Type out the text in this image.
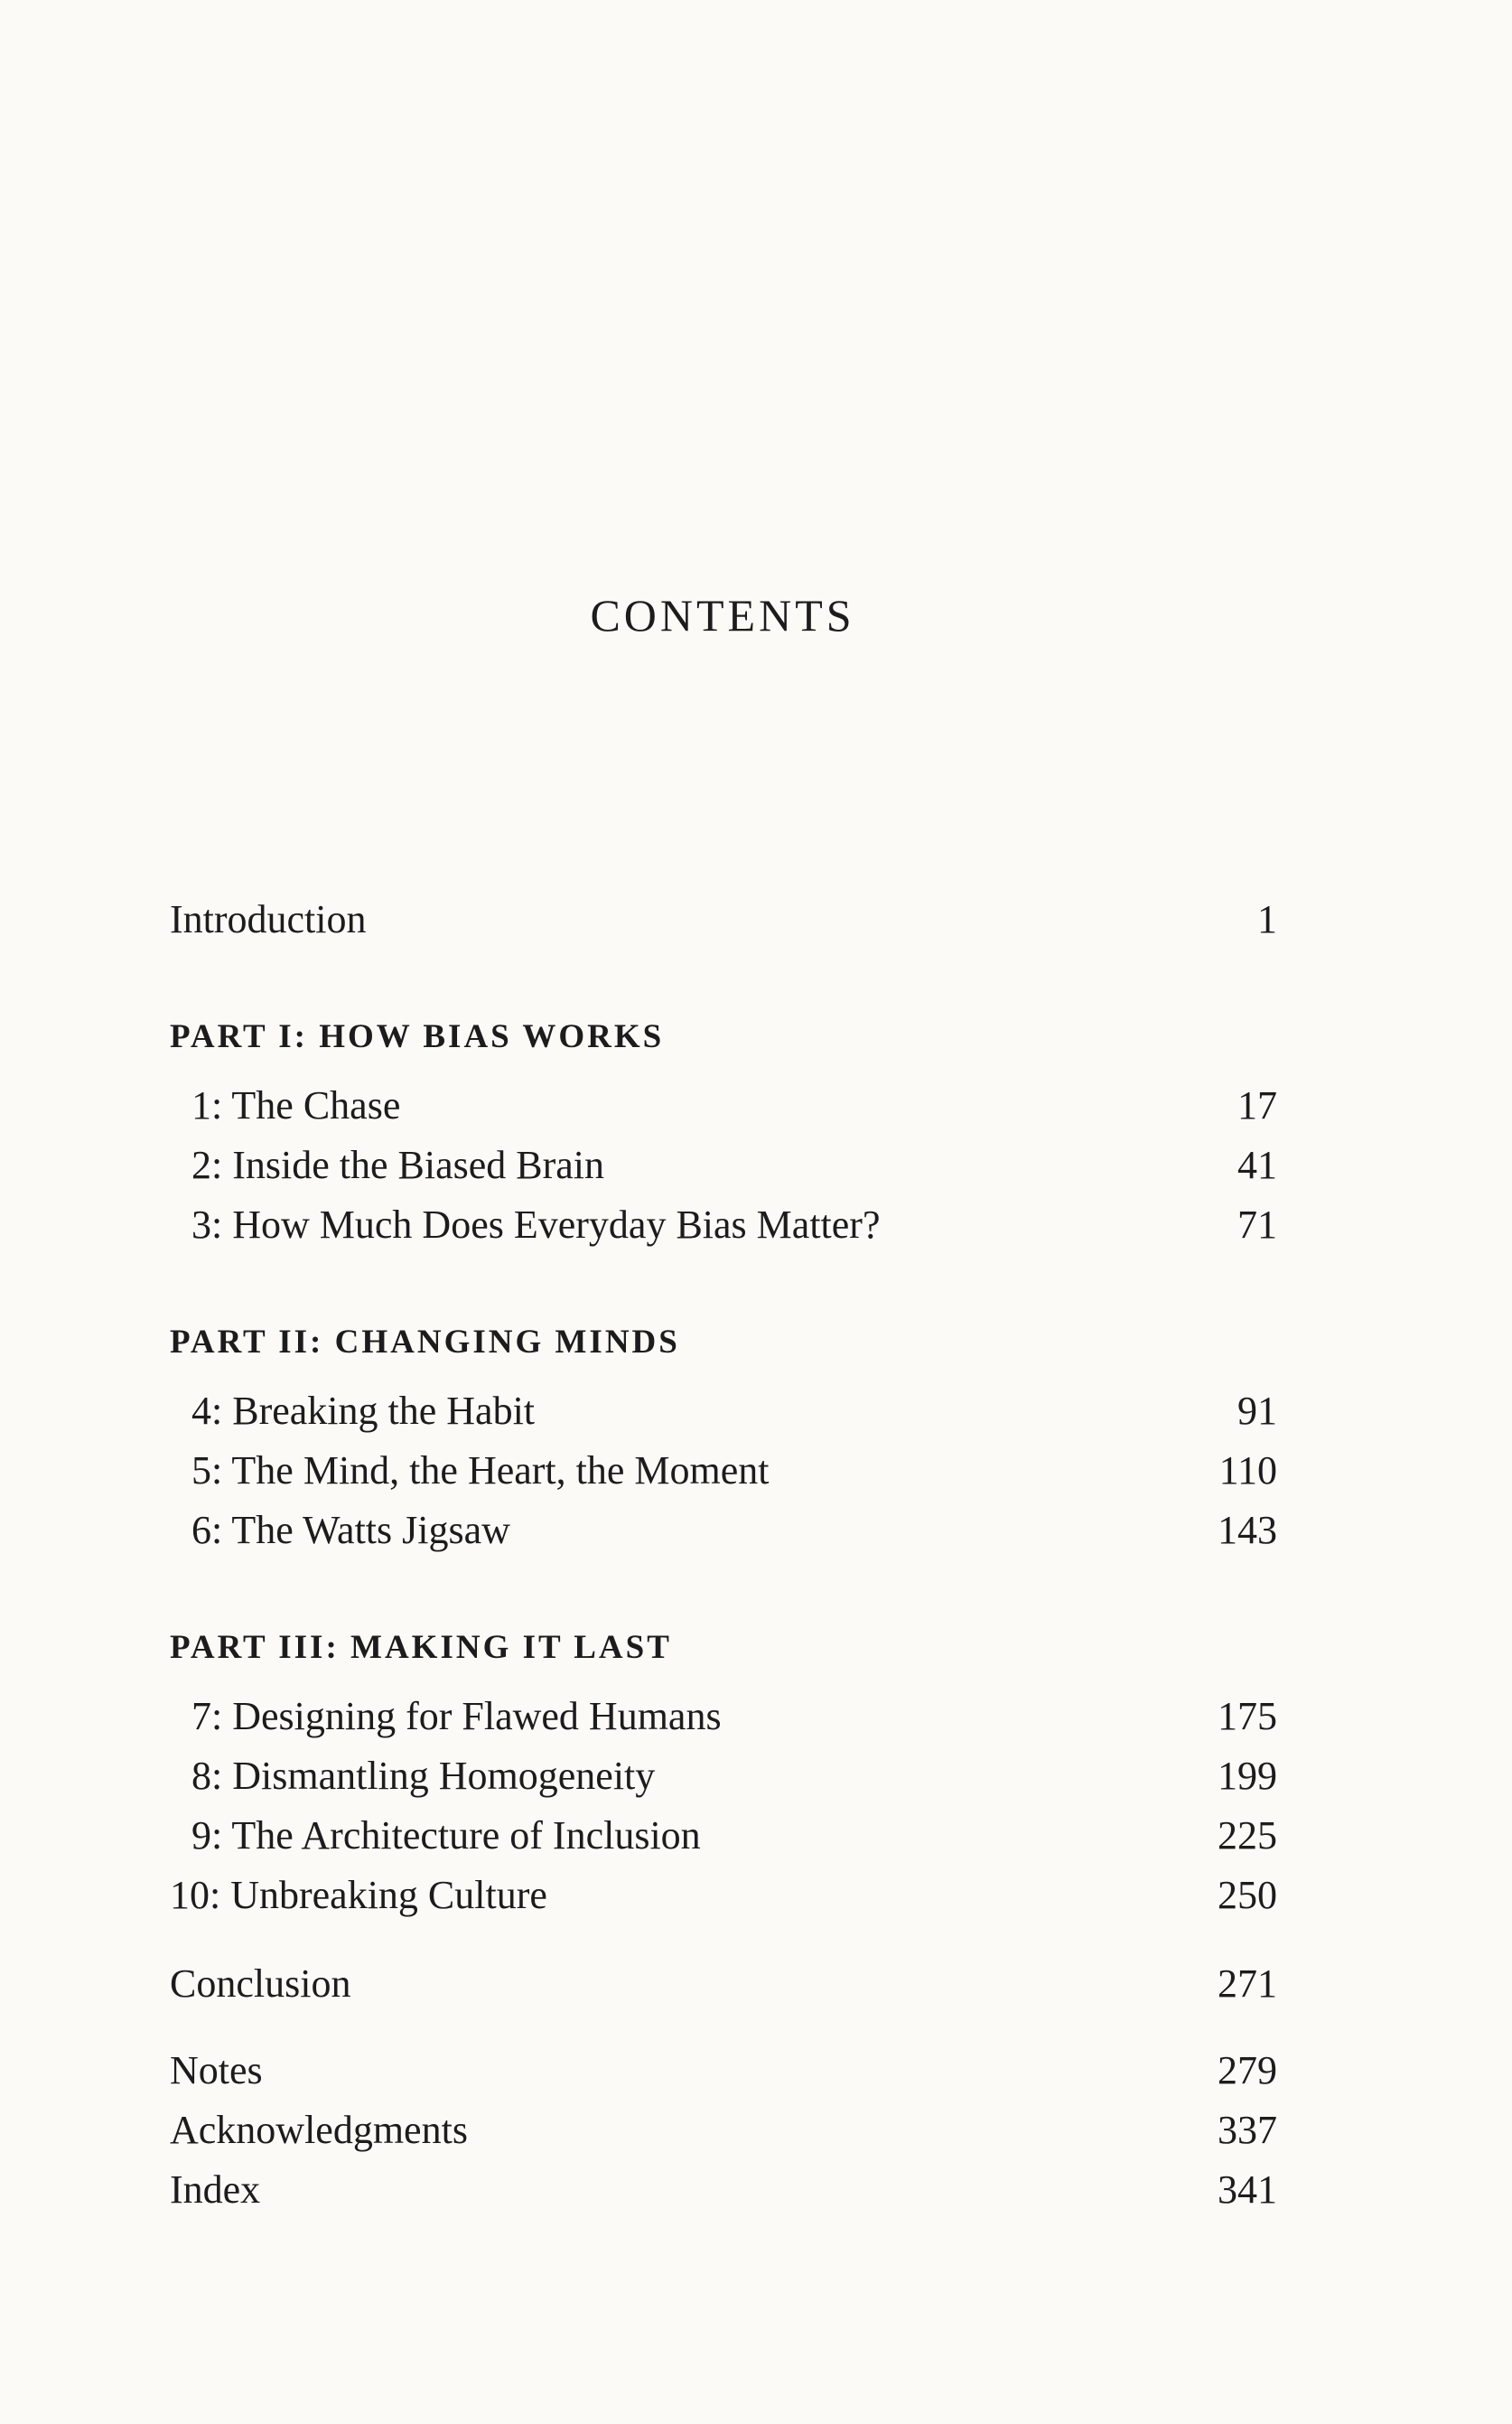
CONTENTS
Introduction	1
PART I: HOW BIAS WORKS
1: The Chase	17
2: Inside the Biased Brain	41
3: How Much Does Everyday Bias Matter?	71
PART II: CHANGING MINDS
4: Breaking the Habit	91
5: The Mind, the Heart, the Moment	110
6: The Watts Jigsaw	143
PART III: MAKING IT LAST
7: Designing for Flawed Humans	175
8: Dismantling Homogeneity	199
9: The Architecture of Inclusion	225
10: Unbreaking Culture	250
Conclusion	271
Notes	279
Acknowledgments	337
Index	341
